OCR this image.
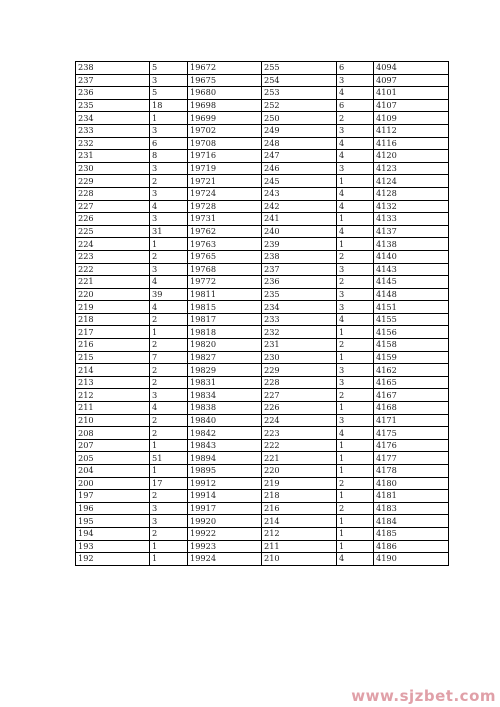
238	5	19672	255	6	4094
237	3	19675	254	3	4097
236	5	19680	253	4	4101
235	18	19698	252	6	4107
234	1	19699	250	2	4109
233	3	19702	249	3	4112
232	6	19708	248	4	4116
231	8	19716	247	4	4120
230	3	19719	246	3	4123
229	2	19721	245	1	4124
228	3	19724	243	4	4128
227	4	19728	242	4	4132
226	3	19731	241	1	4133
225	31	19762	240	4	4137
224	1	19763	239	1	4138
223	2	19765	238	2	4140
222	3	19768	237	3	4143
221	4	19772	236	2	4145
220	39	19811	235	3	4148
219	4	19815	234	3	4151
218	2	19817	233	4	4155
217	1	19818	232	1	4156
216	2	19820	231	2	4158
215	7	19827	230	1	4159
214	2	19829	229	3	4162
213	2	19831	228	3	4165
212	3	19834	227	2	4167
211	4	19838	226	1	4168
210	2	19840	224	3	4171
208	2	19842	223	4	4175
207	1	19843	222	1	4176
205	51	19894	221	1	4177
204	1	19895	220	1	4178
200	17	19912	219	2	4180
197	2	19914	218	1	4181
196	3	19917	216	2	4183
195	3	19920	214	1	4184
194	2	19922	212	1	4185
193	1	19923	211	1	4186
192	1	19924	210	4	4190
www.sjzbet.com
